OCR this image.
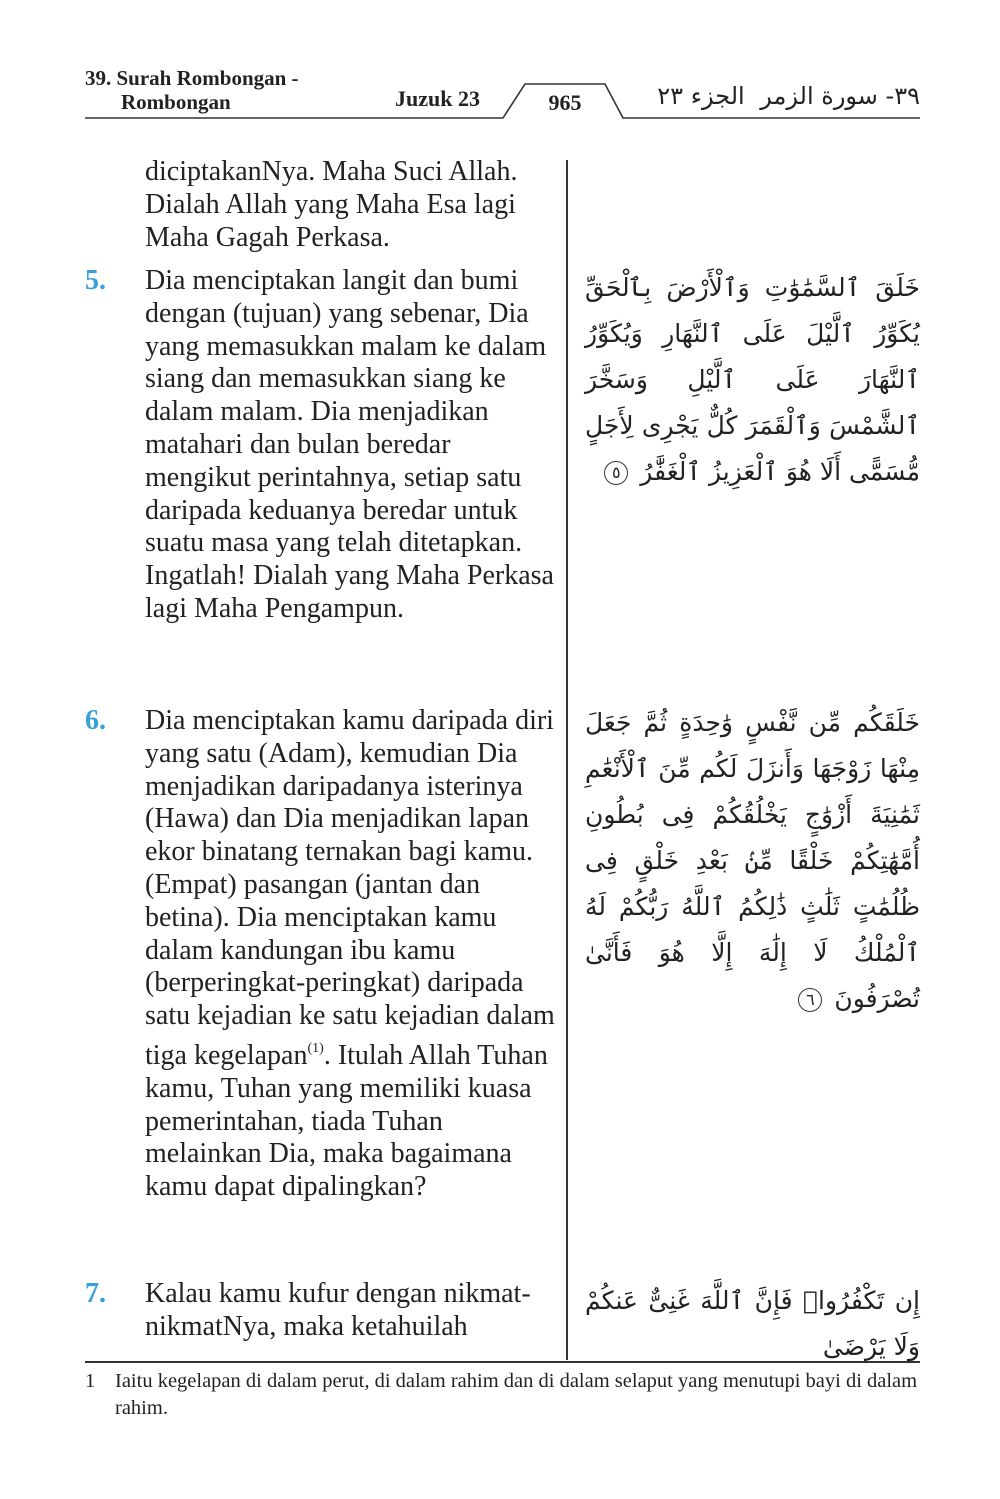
39. Surah Rombongan -
Rombongan	Juzuk 23	965	الجزء ٢٣ ٣٩- سورة الزمر
diciptakanNya. Maha Suci Allah. Dialah Allah yang Maha Esa lagi Maha Gagah Perkasa.
5. Dia menciptakan langit dan bumi dengan (tujuan) yang sebenar, Dia yang memasukkan malam ke dalam siang dan memasukkan siang ke dalam malam. Dia menjadikan matahari dan bulan beredar mengikut perintahnya, setiap satu daripada keduanya beredar untuk suatu masa yang telah ditetapkan. Ingatlah! Dialah yang Maha Perkasa lagi Maha Pengampun.
6. Dia menciptakan kamu daripada diri yang satu (Adam), kemudian Dia menjadikan daripadanya isterinya (Hawa) dan Dia menjadikan lapan ekor binatang ternakan bagi kamu. (Empat) pasangan (jantan dan betina). Dia menciptakan kamu dalam kandungan ibu kamu (berperingkat-peringkat) daripada satu kejadian ke satu kejadian dalam tiga kegelapan$^{(1)}$. Itulah Allah Tuhan kamu, Tuhan yang memiliki kuasa pemerintahan, tiada Tuhan melainkan Dia, maka bagaimana kamu dapat dipalingkan?
7. Kalau kamu kufur dengan nikmat-nikmatNya, maka ketahuilah
خَلَقَ ٱلسَّمَٰوَٰتِ وَٱلْأَرْضَ بِٱلْحَقِّ يُكَوِّرُ ٱلَّيْلَ عَلَى ٱلنَّهَارِ وَيُكَوِّرُ ٱلنَّهَارَ عَلَى ٱلَّيْلِ وَسَخَّرَ ٱلشَّمْسَ وَٱلْقَمَرَ كُلٌّ يَجْرِى لِأَجَلٍ مُّسَمًّى أَلَا هُوَ ٱلْعَزِيزُ ٱلْغَفَّٰرُ ٥
خَلَقَكُم مِّن نَّفْسٍ وَٰحِدَةٍ ثُمَّ جَعَلَ مِنْهَا زَوْجَهَا وَأَنزَلَ لَكُم مِّنَ ٱلْأَنْعَٰمِ ثَمَٰنِيَةَ أَزْوَٰجٍ يَخْلُقُكُمْ فِى بُطُونِ أُمَّهَٰتِكُمْ خَلْقًا مِّنۢ بَعْدِ خَلْقٍ فِى ظُلُمَٰتٍ ثَلَٰثٍ ذَٰلِكُمُ ٱللَّهُ رَبُّكُمْ لَهُ ٱلْمُلْكُ لَا إِلَٰهَ إِلَّا هُوَ فَأَنَّىٰ تُصْرَفُونَ ٦
إِن تَكْفُرُوا۟ فَإِنَّ ٱللَّهَ غَنِىٌّ عَنكُمْ وَلَا يَرْضَىٰ
1 Iaitu kegelapan di dalam perut, di dalam rahim dan di dalam selaput yang menutupi bayi di dalam rahim.
